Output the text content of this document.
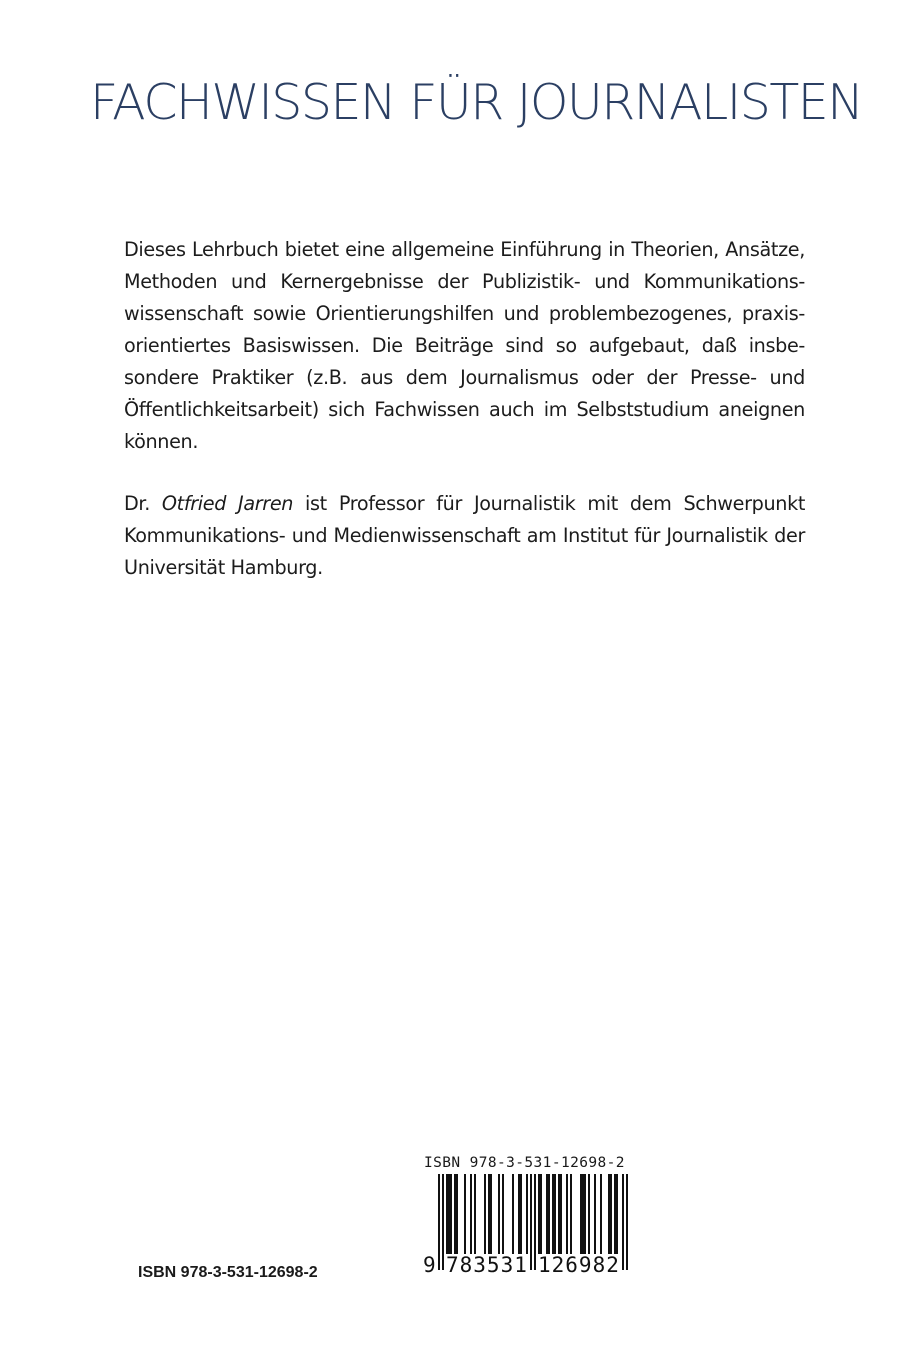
FACHWISSEN FÜR JOURNALISTEN
Dieses Lehrbuch bietet eine allgemeine Einführung in Theorien, Ansätze,
Methoden und Kernergebnisse der Publizistik- und Kommunikations-
wissenschaft sowie Orientierungshilfen und problembezogenes, praxis-
orientiertes Basiswissen. Die Beiträge sind so aufgebaut, daß insbe-
sondere Praktiker (z.B. aus dem Journalismus oder der Presse- und
Öffentlichkeitsarbeit) sich Fachwissen auch im Selbststudium aneignen
können.
Dr. Otfried Jarren ist Professor für Journalistik mit dem Schwerpunkt
Kommunikations- und Medienwissenschaft am Institut für Journalistik der
Universität Hamburg.
ISBN 978-3-531-12698-2
ISBN 978-3-531-12698-2
9 783531 126982
